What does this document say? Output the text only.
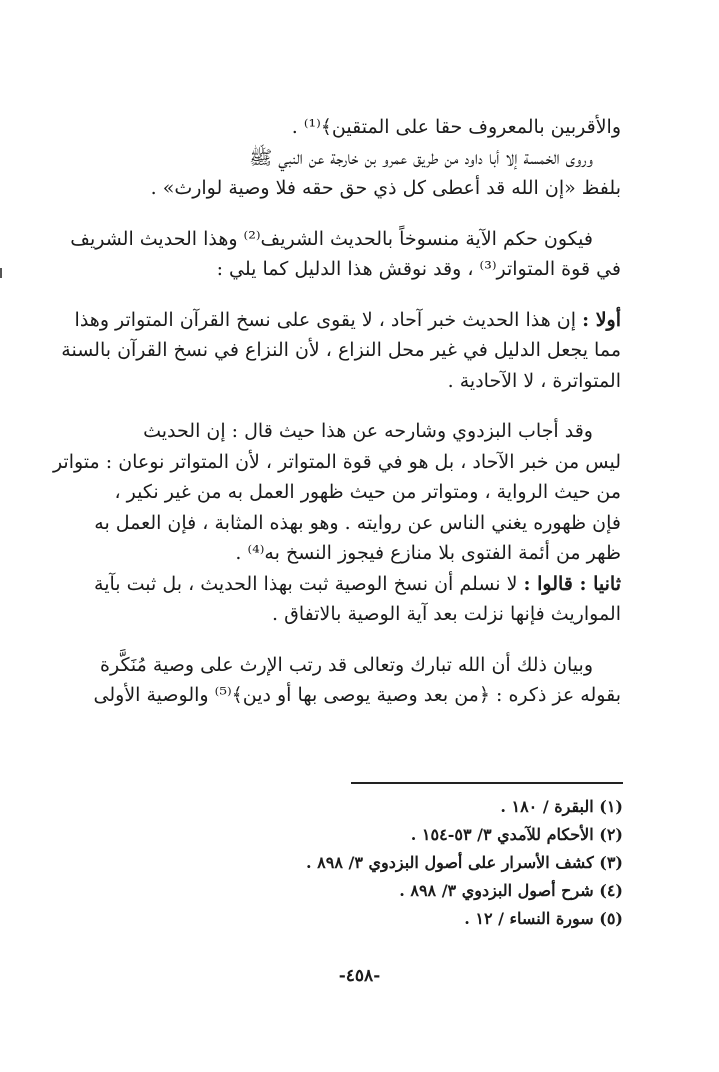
والأقربين بالمعروف حقا على المتقين﴾⁽¹⁾ .
وروى الخمسة إلا أبا داود من طريق عمرو بن خارجة عن النبي ﷺ
بلفظ «إن الله قد أعطى كل ذي حق حقه فلا وصية لوارث» .
فيكون حكم الآية منسوخاً بالحديث الشريف⁽²⁾ وهذا الحديث الشريف
في قوة المتواتر⁽³⁾ ، وقد نوقش هذا الدليل كما يلي :
أولا : إن هذا الحديث خبر آحاد ، لا يقوى على نسخ القرآن المتواتر وهذا
مما يجعل الدليل في غير محل النزاع ، لأن النزاع في نسخ القرآن بالسنة
المتواترة ، لا الآحادية .
وقد أجاب البزدوي وشارحه عن هذا حيث قال : إن الحديث
ليس من خبر الآحاد ، بل هو في قوة المتواتر ، لأن المتواتر نوعان : متواتر
من حيث الرواية ، ومتواتر من حيث ظهور العمل به من غير نكير ،
فإن ظهوره يغني الناس عن روايته . وهو بهذه المثابة ، فإن العمل به
ظهر من أئمة الفتوى بلا منازع فيجوز النسخ به⁽⁴⁾ .
ثانيا : قالوا : لا نسلم أن نسخ الوصية ثبت بهذا الحديث ، بل ثبت بآية
المواريث فإنها نزلت بعد آية الوصية بالاتفاق .
وبيان ذلك أن الله تبارك وتعالى قد رتب الإرث على وصية مُنَكَّرة
بقوله عز ذكره : ﴿من بعد وصية يوصى بها أو دين﴾⁽⁵⁾ والوصية الأولى
(١) البقرة / ١٨٠ .
(٢) الأحكام للآمدي ٣/ ٥٣-١٥٤ .
(٣) كشف الأسرار على أصول البزدوي ٣/ ٨٩٨ .
(٤) شرح أصول البزدوي ٣/ ٨٩٨ .
(٥) سورة النساء / ١٢ .
-٤٥٨-
